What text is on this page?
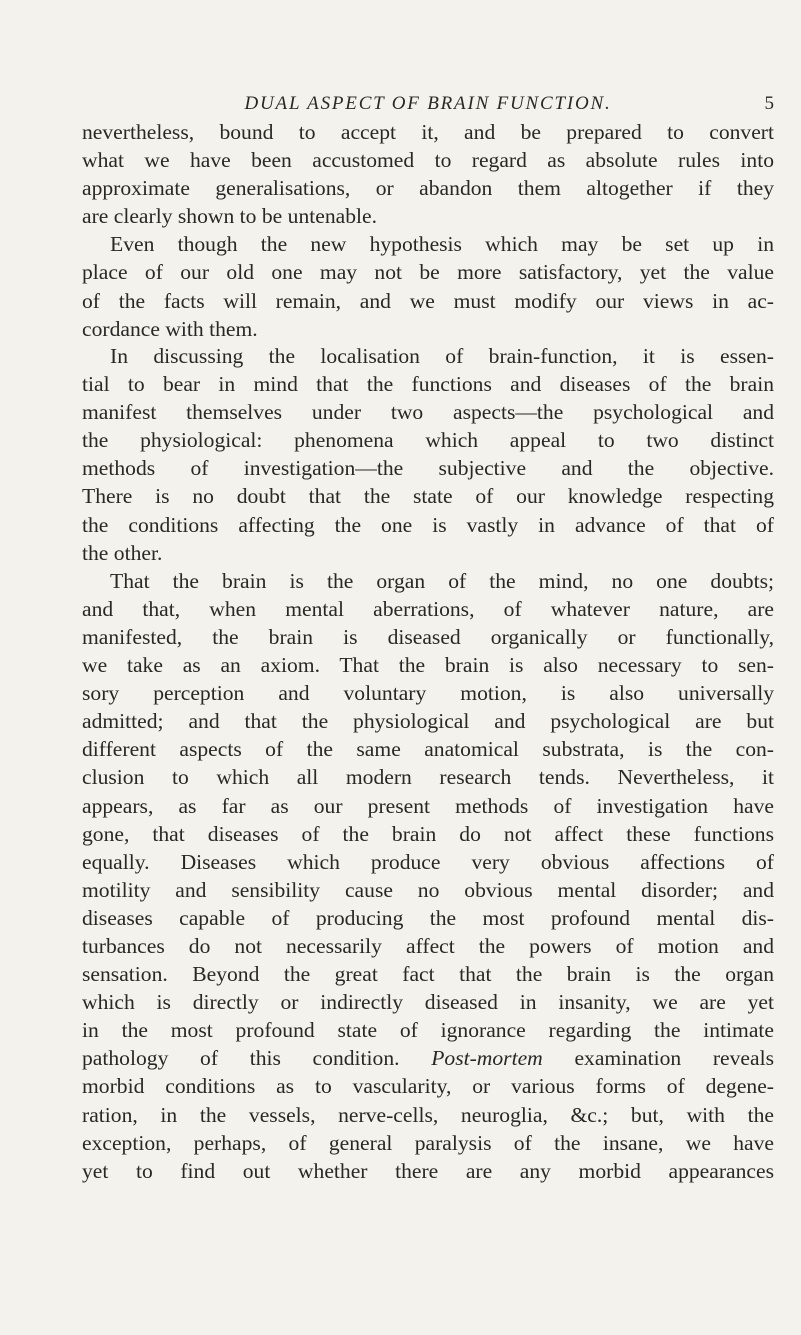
DUAL ASPECT OF BRAIN FUNCTION.	5
nevertheless, bound to accept it, and be prepared to convert
what we have been accustomed to regard as absolute rules into
approximate generalisations, or abandon them altogether if they
are clearly shown to be untenable.
Even though the new hypothesis which may be set up in
place of our old one may not be more satisfactory, yet the value
of the facts will remain, and we must modify our views in ac-
cordance with them.
In discussing the localisation of brain-function, it is essen-
tial to bear in mind that the functions and diseases of the brain
manifest themselves under two aspects—the psychological and
the physiological: phenomena which appeal to two distinct
methods of investigation—the subjective and the objective.
There is no doubt that the state of our knowledge respecting
the conditions affecting the one is vastly in advance of that of
the other.
That the brain is the organ of the mind, no one doubts;
and that, when mental aberrations, of whatever nature, are
manifested, the brain is diseased organically or functionally,
we take as an axiom. That the brain is also necessary to sen-
sory perception and voluntary motion, is also universally
admitted; and that the physiological and psychological are but
different aspects of the same anatomical substrata, is the con-
clusion to which all modern research tends. Nevertheless, it
appears, as far as our present methods of investigation have
gone, that diseases of the brain do not affect these functions
equally. Diseases which produce very obvious affections of
motility and sensibility cause no obvious mental disorder; and
diseases capable of producing the most profound mental dis-
turbances do not necessarily affect the powers of motion and
sensation. Beyond the great fact that the brain is the organ
which is directly or indirectly diseased in insanity, we are yet
in the most profound state of ignorance regarding the intimate
pathology of this condition. Post-mortem examination reveals
morbid conditions as to vascularity, or various forms of degene-
ration, in the vessels, nerve-cells, neuroglia, &c.; but, with the
exception, perhaps, of general paralysis of the insane, we have
yet to find out whether there are any morbid appearances
